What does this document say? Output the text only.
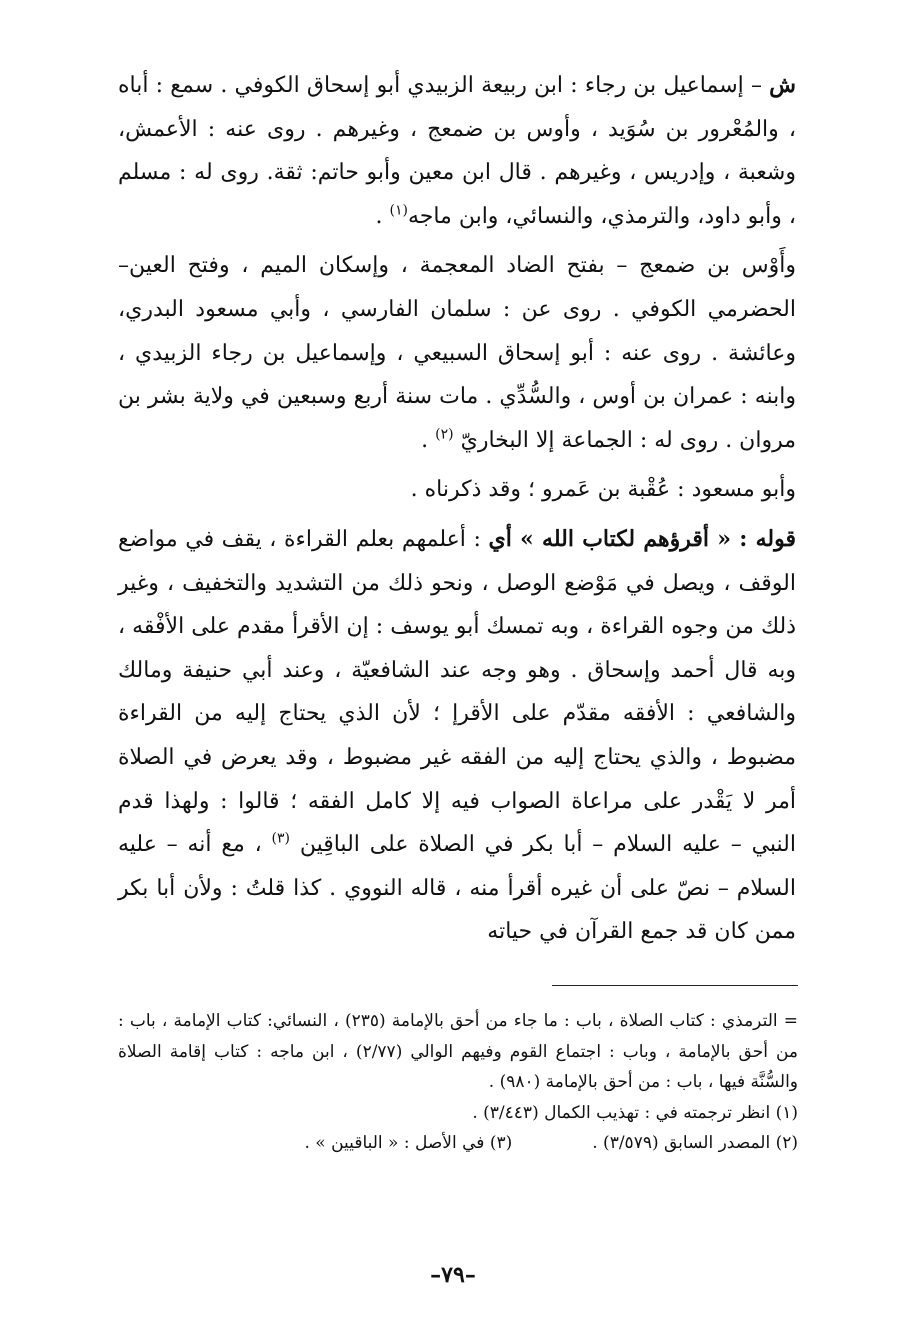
ش – إسماعيل بن رجاء : ابن ربيعة الزبيدي أبو إسحاق الكوفي . سمع : أباه ، والمُعْرور بن سُوَيد ، وأوس بن ضمعج ، وغيرهم . روى عنه : الأعمش، وشعبة ، وإدريس ، وغيرهم . قال ابن معين وأبو حاتم: ثقة. روى له : مسلم ، وأبو داود، والترمذي، والنسائي، وابن ماجه$^{(١)}$ .

وأَوْس بن ضمعج – بفتح الضاد المعجمة ، وإسكان الميم ، وفتح العين– الحضرمي الكوفي . روى عن : سلمان الفارسي ، وأبي مسعود البدري، وعائشة . روى عنه : أبو إسحاق السبيعي ، وإسماعيل بن رجاء الزبيدي ، وابنه : عمران بن أوس ، والسُّدِّي . مات سنة أربع وسبعين في ولاية بشر بن مروان . روى له : الجماعة إلا البخاريّ $^{(٢)}$ .

وأبو مسعود : عُقْبة بن عَمرو ؛ وقد ذكرناه .

قوله : « أقرؤهم لكتاب الله » أي : أعلمهم بعلم القراءة ، يقف في مواضع الوقف ، ويصل في مَوْضع الوصل ، ونحو ذلك من التشديد والتخفيف ، وغير ذلك من وجوه القراءة ، وبه تمسك أبو يوسف : إن الأقرأ مقدم على الأفْقه ، وبه قال أحمد وإسحاق . وهو وجه عند الشافعيّة ، وعند أبي حنيفة ومالك والشافعي : الأفقه مقدّم على الأقرإ ؛ لأن الذي يحتاج إليه من القراءة مضبوط ، والذي يحتاج إليه من الفقه غير مضبوط ، وقد يعرض في الصلاة أمر لا يَقْدر على مراعاة الصواب فيه إلا كامل الفقه ؛ قالوا : ولهذا قدم النبي – عليه السلام – أبا بكر في الصلاة على الباقِين $^{(٣)}$ ، مع أنه – عليه السلام – نصّ على أن غيره أقرأ منه ، قاله النووي . كذا قلتُ : ولأن أبا بكر ممن كان قد جمع القرآن في حياته

= الترمذي : كتاب الصلاة ، باب : ما جاء من أحق بالإمامة (٢٣٥) ، النسائي: كتاب الإمامة ، باب : من أحق بالإمامة ، وباب : اجتماع القوم وفيهم الوالي (٢/٧٧) ، ابن ماجه : كتاب إقامة الصلاة والسُّنَّة فيها ، باب : من أحق بالإمامة (٩٨٠) .

(١) انظر ترجمته في : تهذيب الكمال (٣/٤٤٣) .

(٢) المصدر السابق (٣/٥٧٩) .
(٣) في الأصل : « الباقيين » .
–٧٩–
